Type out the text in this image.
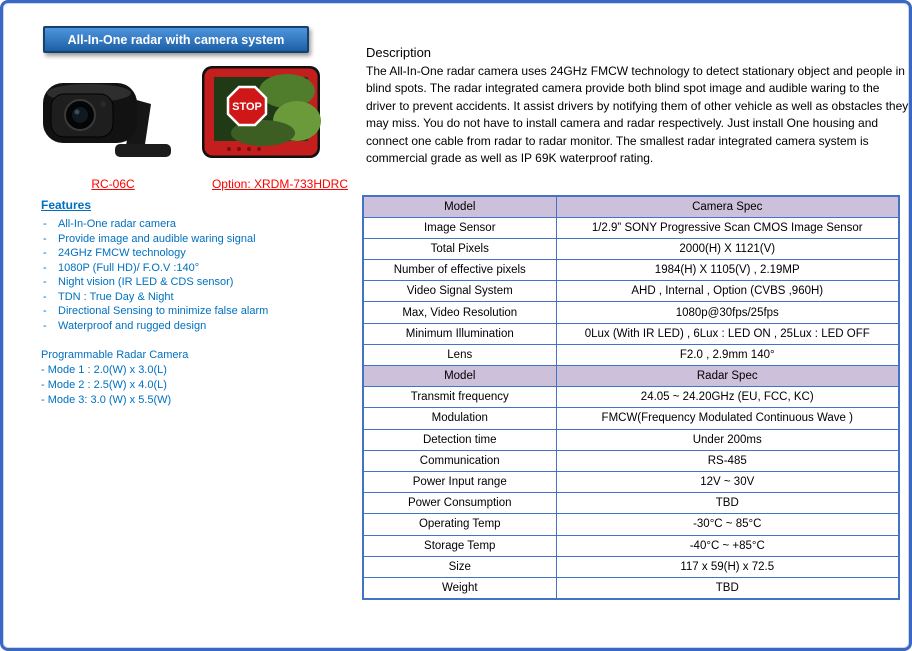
All-In-One radar with camera system
STOP
RC-06C	Option: XRDM-733HDRC
Features
-	All-In-One radar camera
-	Provide image and audible waring signal
-	24GHz FMCW technology
-	1080P (Full HD)/ F.O.V :140°
-	Night vision (IR LED & CDS sensor)
-	TDN : True Day & Night
-	Directional Sensing to minimize false alarm
-	Waterproof and rugged design
Programmable Radar Camera
- Mode 1 : 2.0(W) x 3.0(L)
- Mode 2 : 2.5(W) x 4.0(L)
- Mode 3: 3.0 (W) x 5.5(W)
Description

The All-In-One radar camera uses 24GHz FMCW technology to detect stationary object and people in blind spots. The radar integrated camera provide both blind spot image and audible waring to the driver to prevent accidents. It assist drivers by notifying them of other vehicle as well as obstacles they may miss. You do not have to install camera and radar respectively. Just install One housing and connect one cable from radar to radar monitor. The smallest radar integrated camera system is commercial grade as well as IP 69K waterproof rating.

Model	Camera Spec
Image Sensor	1/2.9” SONY Progressive Scan CMOS Image Sensor
Total Pixels	2000(H) X 1121(V)
Number of effective pixels	1984(H) X 1105(V) , 2.19MP
Video Signal System	AHD , Internal , Option (CVBS ,960H)
Max, Video Resolution	1080p@30fps/25fps
Minimum Illumination	0Lux (With IR LED) , 6Lux : LED ON , 25Lux : LED OFF
Lens	F2.0 , 2.9mm 140°
Model	Radar Spec
Transmit frequency	24.05 ~ 24.20GHz (EU, FCC, KC)
Modulation	FMCW(Frequency Modulated Continuous Wave )
Detection time	Under 200ms
Communication	RS-485
Power Input range	12V ~ 30V
Power Consumption	TBD
Operating Temp	-30°C ~ 85°C
Storage Temp	-40°C ~ +85°C
Size	117 x 59(H) x 72.5
Weight	TBD
